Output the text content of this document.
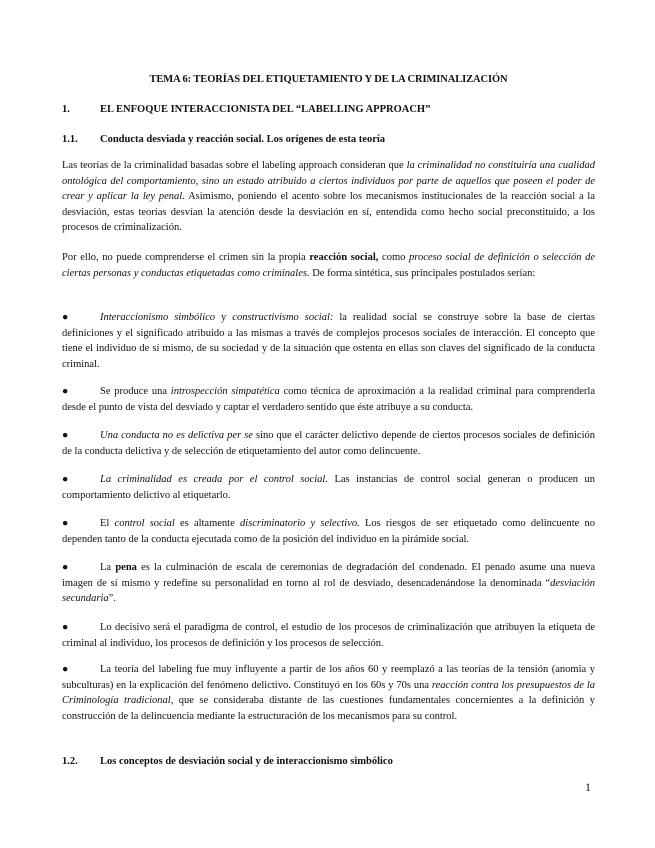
TEMA 6: TEORÍAS DEL ETIQUETAMIENTO Y DE LA CRIMINALIZACIÓN
1.	EL ENFOQUE INTERACCIONISTA DEL “LABELLING APPROACH”
1.1. Conducta desviada y reacción social. Los orígenes de esta teoría
Las teorías de la criminalidad basadas sobre el labeling approach consideran que la criminalidad no constituiría una cualidad ontológica del comportamiento, sino un estado atribuido a ciertos individuos por parte de aquellos que poseen el poder de crear y aplicar la ley penal. Asimismo, poniendo el acento sobre los mecanismos institucionales de la reacción social a la desviación, estas teorías desvían la atención desde la desviación en sí, entendida como hecho social preconstituido, a los procesos de criminalización.
Por ello, no puede comprenderse el crimen sin la propia reacción social, como proceso social de definición o selección de ciertas personas y conductas etiquetadas como criminales. De forma sintética, sus principales postulados serían:
●	Interaccionismo simbólico y constructivismo social: la realidad social se construye sobre la base de ciertas definiciones y el significado atribuido a las mismas a través de complejos procesos sociales de interacción. El concepto que tiene el individuo de sí mismo, de su sociedad y de la situación que ostenta en ellas son claves del significado de la conducta criminal.
●	Se produce una introspección simpatética como técnica de aproximación a la realidad criminal para comprenderla desde el punto de vista del desviado y captar el verdadero sentido que éste atribuye a su conducta.
●	Una conducta no es delictiva per se sino que el carácter delictivo depende de ciertos procesos sociales de definición de la conducta delictiva y de selección de etiquetamiento del autor como delincuente.
●	La criminalidad es creada por el control social. Las instancias de control social generan o producen un comportamiento delictivo al etiquetarlo.
●	El control social es altamente discriminatorio y selectivo. Los riesgos de ser etiquetado como delincuente no dependen tanto de la conducta ejecutada como de la posición del individuo en la pirámide social.
●	La pena es la culminación de escala de ceremonias de degradación del condenado. El penado asume una nueva imagen de sí mismo y redefine su personalidad en torno al rol de desviado, desencadenándose la denominada “desviación secundaria”.
●	Lo decisivo será el paradigma de control, el estudio de los procesos de criminalización que atribuyen la etiqueta de criminal al individuo, los procesos de definición y los procesos de selección.
●	La teoría del labeling fue muy influyente a partir de los años 60 y reemplazó a las teorías de la tensión (anomia y subculturas) en la explicación del fenómeno delictivo. Constituyó en los 60s y 70s una reacción contra los presupuestos de la Criminología tradicional, que se consideraba distante de las cuestiones fundamentales concernientes a la definición y construcción de la delincuencia mediante la estructuración de los mecanismos para su control.
1.2. Los conceptos de desviación social y de interaccionismo simbólico
1
